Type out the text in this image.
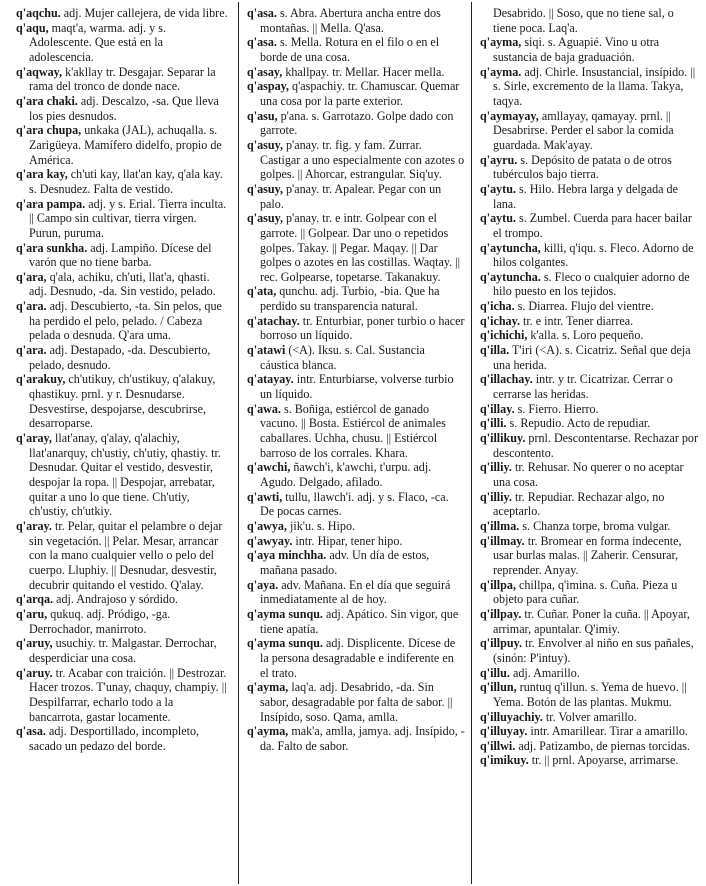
q'aqchu. adj. Mujer callejera, de vida libre.

q'aqu, maqt'a, warma. adj. y s. Adolescente. Que está en la adolescencia.

q'aqway, k'akllay tr. Desgajar. Separar la rama del tronco de donde nace.

q'ara chaki. adj. Descalzo, -sa. Que lleva los pies desnudos.

q'ara chupa, unkaka (JAL), achuqalla. s. Zarigüeya. Mamífero didelfo, propio de América.

q'ara kay, ch'uti kay, llat'an kay, q'ala kay. s. Desnudez. Falta de vestido.

q'ara pampa. adj. y s. Erial. Tierra inculta. || Campo sin cultivar, tierra virgen. Purun, puruma.

q'ara sunkha. adj. Lampiño. Dícese del varón que no tiene barba.

q'ara, q'ala, achiku, ch'uti, llat'a, qhasti. adj. Desnudo, -da. Sin vestido, pelado.

q'ara. adj. Descubierto, -ta. Sin pelos, que ha perdido el pelo, pelado. / Cabeza pelada o desnuda. Q'ara uma.

q'ara. adj. Destapado, -da. Descubierto, pelado, desnudo.

q'arakuy, ch'utikuy, ch'ustikuy, q'alakuy, qhastikuy. prnl. y r. Desnudarse. Desvestirse, despojarse, descubrirse, desarroparse.

q'aray, llat'anay, q'alay, q'alachiy, llat'anarquy, ch'ustiy, ch'utiy, qhastiy. tr. Desnudar. Quitar el vestido, desvestir, despojar la ropa. || Despojar, arrebatar, quitar a uno lo que tiene. Ch'utiy, ch'ustiy, ch'utkiy.

q'aray. tr. Pelar, quitar el pelambre o dejar sin vegetación. || Pelar. Mesar, arrancar con la mano cualquier vello o pelo del cuerpo. Lluphiy. || Desnudar, desvestir, decubrir quitando el vestido. Q'alay.

q'arqa. adj. Andrajoso y sórdido.

q'aru, qukuq. adj. Pródigo, -ga. Derrochador, manirroto.

q'aruy, usuchiy. tr. Malgastar. Derrochar, desperdiciar una cosa.

q'aruy. tr. Acabar con traición. || Destrozar. Hacer trozos. T'unay, chaquy, champiy. || Despilfarrar, echarlo todo a la bancarrota, gastar locamente.

q'asa. adj. Desportillado, incompleto, sacado un pedazo del borde.

q'asa. s. Abra. Abertura ancha entre dos montañas. || Mella. Q'asa.

q'asa. s. Mella. Rotura en el filo o en el borde de una cosa.

q'asay, khallpay. tr. Mellar. Hacer mella.

q'aspay, q'aspachiy. tr. Chamuscar. Quemar una cosa por la parte exterior.

q'asu, p'ana. s. Garrotazo. Golpe dado con garrote.

q'asuy, p'anay. tr. fig. y fam. Zurrar. Castigar a uno especialmente con azotes o golpes. || Ahorcar, estrangular. Siq'uy.

q'asuy, p'anay. tr. Apalear. Pegar con un palo.

q'asuy, p'anay. tr. e intr. Golpear con el garrote. || Golpear. Dar uno o repetidos golpes. Takay. || Pegar. Maqay. || Dar golpes o azotes en las costillas. Waqtay. || rec. Golpearse, topetarse. Takanakuy.

q'ata, qunchu. adj. Turbio, -bia. Que ha perdido su transparencia natural.

q'atachay. tr. Enturbiar, poner turbio o hacer borroso un líquido.

q'atawi (<A). Iksu. s. Cal. Sustancia cáustica blanca.

q'atayay. intr. Enturbiarse, volverse turbio un líquido.

q'awa. s. Boñiga, estiércol de ganado vacuno. || Bosta. Estiércol de animales caballares. Uchha, chusu. || Estiércol barroso de los corrales. Khara.

q'awchi, ñawch'i, k'awchi, t'urpu. adj. Agudo. Delgado, afilado.

q'awti, tullu, llawch'i. adj. y s. Flaco, -ca. De pocas carnes.

q'awya, jik'u. s. Hipo.

q'awyay. intr. Hipar, tener hipo.

q'aya minchha. adv. Un día de estos, mañana pasado.

q'aya. adv. Mañana. En el día que seguirá inmediatamente al de hoy.

q'ayma sunqu. adj. Apático. Sin vigor, que tiene apatía.

q'ayma sunqu. adj. Displicente. Dícese de la persona desagradable e indiferente en el trato.

q'ayma, laq'a. adj. Desabrido, -da. Sin sabor, desagradable por falta de sabor. || Insípido, soso. Qama, amlla.

q'ayma, mak'a, amlla, jamya. adj. Insípido, -da. Falto de sabor.

Desabrido. || Soso, que no tiene sal, o tiene poca. Laq'a.

q'ayma, siqi. s. Aguapié. Vino u otra sustancia de baja graduación.

q'ayma. adj. Chirle. Insustancial, insípido. || s. Sirle, excremento de la llama. Takya, taqya.

q'aymayay, amllayay, qamayay. prnl. || Desabrirse. Perder el sabor la comida guardada. Mak'ayay.

q'ayru. s. Depósito de patata o de otros tubérculos bajo tierra.

q'aytu. s. Hilo. Hebra larga y delgada de lana.

q'aytu. s. Zumbel. Cuerda para hacer bailar el trompo.

q'aytuncha, killi, q'iqu. s. Fleco. Adorno de hilos colgantes.

q'aytuncha. s. Fleco o cualquier adorno de hilo puesto en los tejidos.

q'icha. s. Diarrea. Flujo del vientre.

q'ichay. tr. e intr. Tener diarrea.

q'ichichi, k'alla. s. Loro pequeño.

q'illa. T'iri (<A). s. Cicatriz. Señal que deja una herida.

q'illachay. intr. y tr. Cicatrizar. Cerrar o cerrarse las heridas.

q'illay. s. Fierro. Hierro.

q'illi. s. Repudio. Acto de repudiar.

q'illikuy. prnl. Descontentarse. Rechazar por descontento.

q'illiy. tr. Rehusar. No querer o no aceptar una cosa.

q'illiy. tr. Repudiar. Rechazar algo, no aceptarlo.

q'illma. s. Chanza torpe, broma vulgar.

q'illmay. tr. Bromear en forma indecente, usar burlas malas. || Zaherir. Censurar, reprender. Anyay.

q'illpa, chillpa, q'imina. s. Cuña. Pieza u objeto para cuñar.

q'illpay. tr. Cuñar. Poner la cuña. || Apoyar, arrimar, apuntalar. Q'imiy.

q'illpuy. tr. Envolver al niño en sus pañales, (sinón: P'intuy).

q'illu. adj. Amarillo.

q'illun, runtuq q'illun. s. Yema de huevo. || Yema. Botón de las plantas. Mukmu.

q'illuyachiy. tr. Volver amarillo.

q'illuyay. intr. Amarillear. Tirar a amarillo.

q'illwi. adj. Patizambo, de piernas torcidas.

q'imikuy. tr. || prnl. Apoyarse, arrimarse.
